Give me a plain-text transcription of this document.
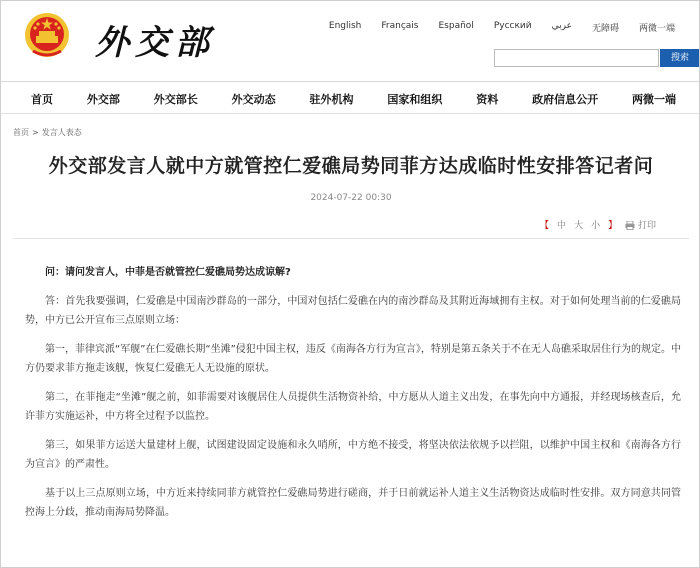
外交部	English	Français	Español	Русский	عربي	无障碍	两微一端
搜索
首页	外交部	外交部长	外交动态	驻外机构	国家和组织	资料	政府信息公开	两微一端
首页 > 发言人表态
外交部发言人就中方就管控仁爱礁局势同菲方达成临时性安排答记者问
2024-07-22 00:30
【 中 大 小 】	打印

问：请问发言人，中菲是否就管控仁爱礁局势达成谅解?

答：首先我要强调，仁爱礁是中国南沙群岛的一部分，中国对包括仁爱礁在内的南沙群岛及其附近海域拥有主权。对于如何处理当前的仁爱礁局势，中方已公开宣布三点原则立场：

第一，菲律宾派“军舰”在仁爱礁长期“坐滩”侵犯中国主权，违反《南海各方行为宣言》，特别是第五条关于不在无人岛礁采取居住行为的规定。中方仍要求菲方拖走该舰，恢复仁爱礁无人无设施的原状。

第二，在菲拖走“坐滩”舰之前，如菲需要对该舰居住人员提供生活物资补给，中方愿从人道主义出发，在事先向中方通报，并经现场核查后，允许菲方实施运补，中方将全过程予以监控。

第三，如果菲方运送大量建材上舰，试图建设固定设施和永久哨所，中方绝不接受，将坚决依法依规予以拦阻，以维护中国主权和《南海各方行为宣言》的严肃性。

基于以上三点原则立场，中方近来持续同菲方就管控仁爱礁局势进行磋商，并于日前就运补人道主义生活物资达成临时性安排。双方同意共同管控海上分歧，推动南海局势降温。
